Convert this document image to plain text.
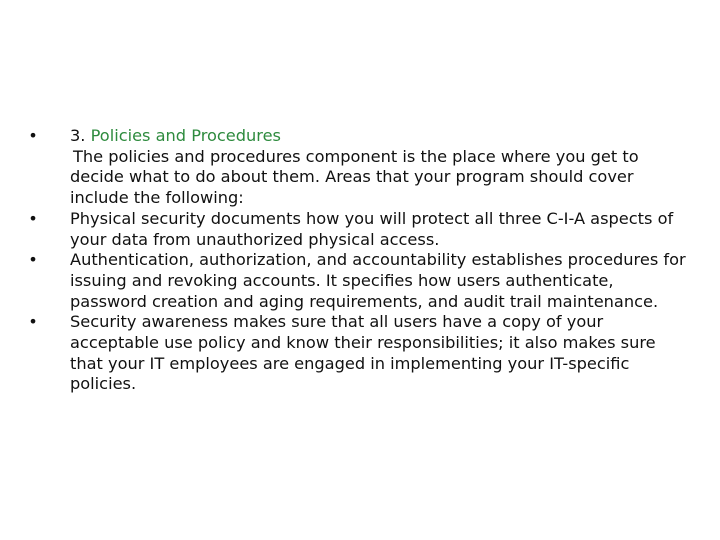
• 3. Policies and Procedures
The policies and procedures component is the place where you get to decide what to do about them. Areas that your program should cover include the following:
• Physical security documents how you will protect all three C-I-A aspects of your data from unauthorized physical access.
• Authentication, authorization, and accountability establishes procedures for issuing and revoking accounts. It specifies how users authenticate, password creation and aging requirements, and audit trail maintenance.
• Security awareness makes sure that all users have a copy of your acceptable use policy and know their responsibilities; it also makes sure that your IT employees are engaged in implementing your IT-specific policies.
